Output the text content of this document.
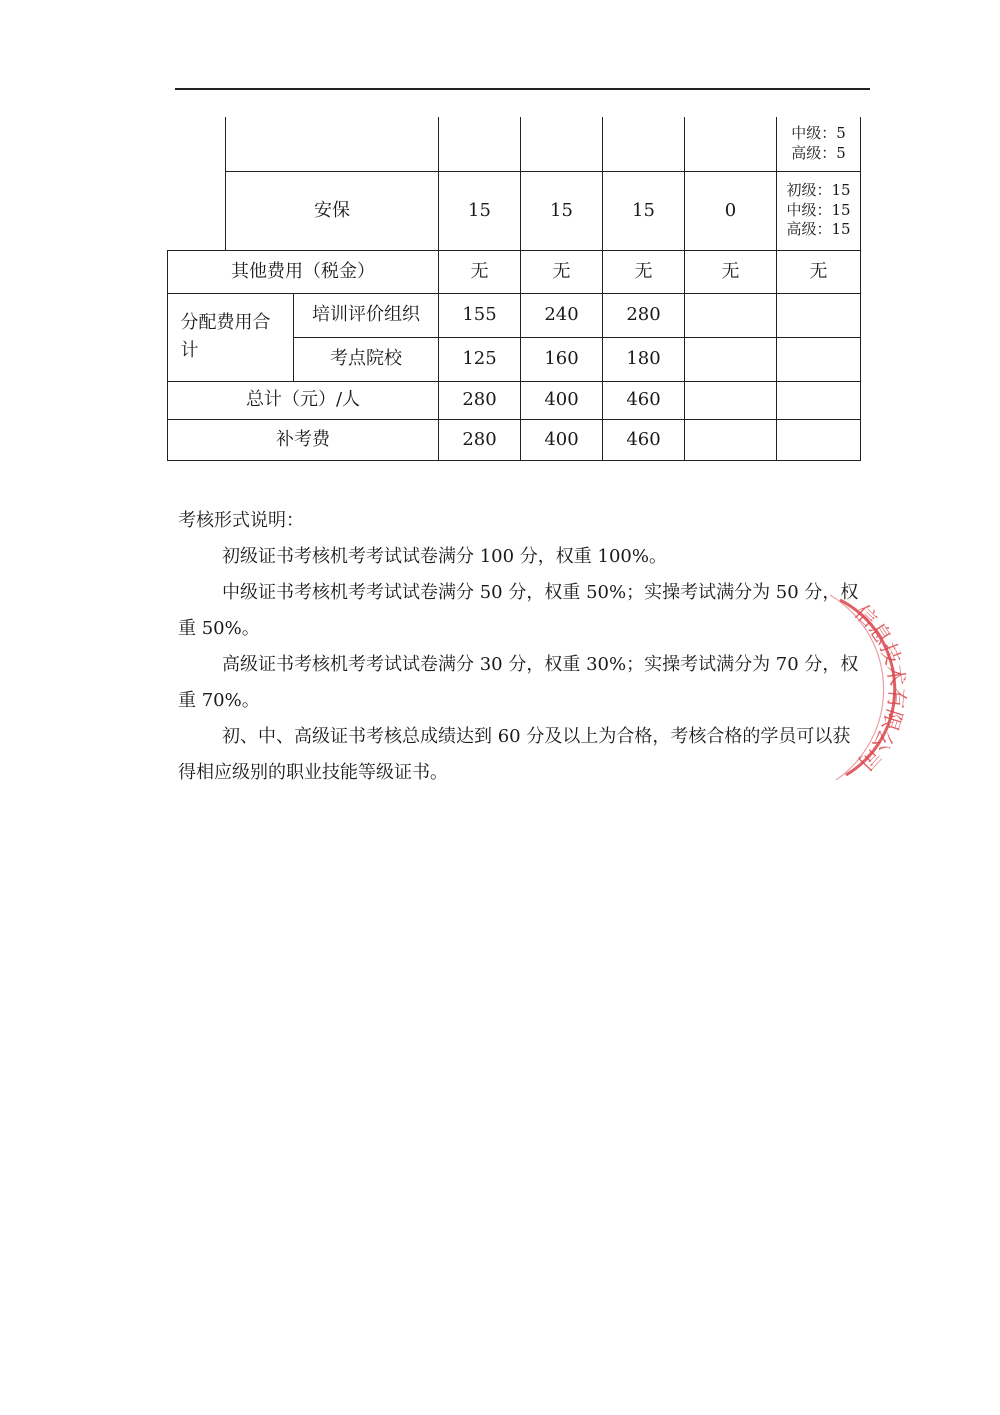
							中级：5
高级：5

	安保		15	15	15	0	初级：15
中级：15
高级：15

其他费用（税金）			无	无	无	无	无

分配费用合计		培训评价组织	155	240	280		
		考点院校	125	160	180		
总计（元）/人			280	400	460		
补考费			280	400	460		

考核形式说明：

初级证书考核机考考试试卷满分 100 分，权重 100%。

中级证书考核机考考试试卷满分 50 分，权重 50%；实操考试满分为 50 分，权重 50%。

高级证书考核机考考试试卷满分 30 分，权重 30%；实操考试满分为 70 分，权重 70%。

初、中、高级证书考核总成绩达到 60 分及以上为合格，考核合格的学员可以获得相应级别的职业技能等级证书。

信息技术有限公司
